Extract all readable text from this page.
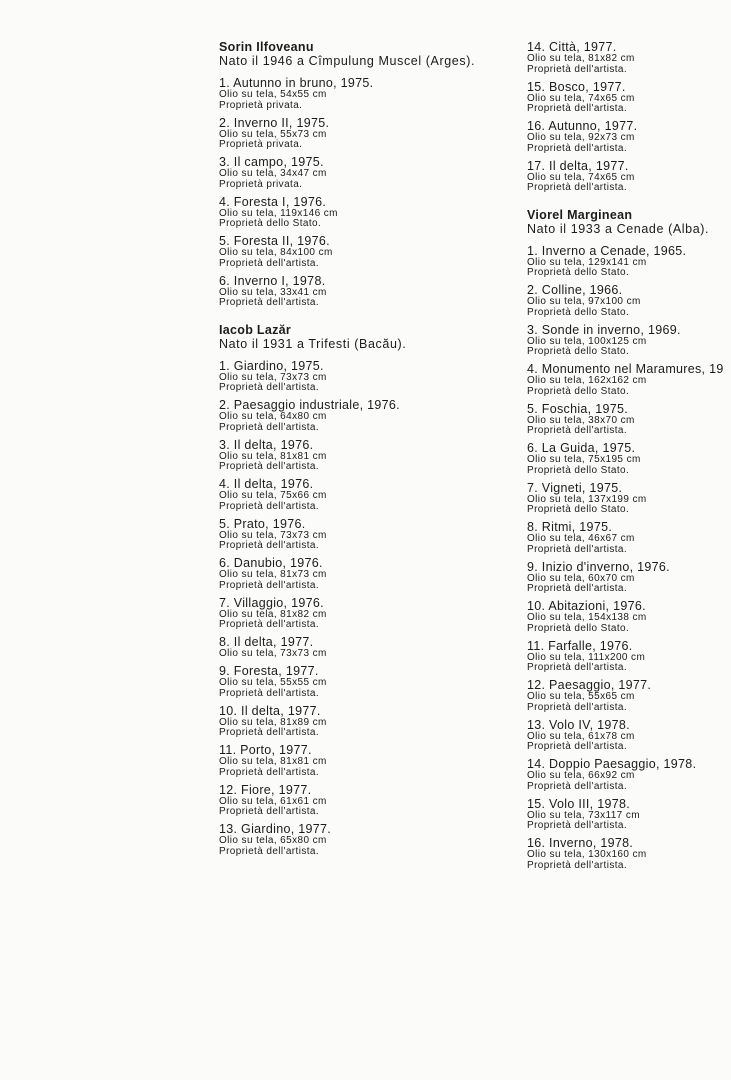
Sorin Ilfoveanu
Nato il 1946 a Cîmpulung Muscel (Arges).
1. Autunno in bruno, 1975.
Olio su tela, 54x55 cm
Proprietà privata.
2. Inverno II, 1975.
Olio su tela, 55x73 cm
Proprietà privata.
3. Il campo, 1975.
Olio su tela, 34x47 cm
Proprietà privata.
4. Foresta I, 1976.
Olio su tela, 119x146 cm
Proprietà dello Stato.
5. Foresta II, 1976.
Olio su tela, 84x100 cm
Proprietà dell'artista.
6. Inverno I, 1978.
Olio su tela, 33x41 cm
Proprietà dell'artista.
Iacob Lazăr
Nato il 1931 a Trifesti (Bacău).
1. Giardino, 1975.
Olio su tela, 73x73 cm
Proprietà dell'artista.
2. Paesaggio industriale, 1976.
Olio su tela, 64x80 cm
Proprietà dell'artista.
3. Il delta, 1976.
Olio su tela, 81x81 cm
Proprietà dell'artista.
4. Il delta, 1976.
Olio su tela, 75x66 cm
Proprietà dell'artista.
5. Prato, 1976.
Olio su tela, 73x73 cm
Proprietà dell'artista.
6. Danubio, 1976.
Olio su tela, 81x73 cm
Proprietà dell'artista.
7. Villaggio, 1976.
Olio su tela, 81x82 cm
Proprietà dell'artista.
8. Il delta, 1977.
Olio su tela, 73x73 cm
9. Foresta, 1977.
Olio su tela, 55x55 cm
Proprietà dell'artista.
10. Il delta, 1977.
Olio su tela, 81x89 cm
Proprietà dell'artista.
11. Porto, 1977.
Olio su tela, 81x81 cm
Proprietà dell'artista.
12. Fiore, 1977.
Olio su tela, 61x61 cm
Proprietà dell'artista.
13. Giardino, 1977.
Olio su tela, 65x80 cm
Proprietà dell'artista.
14. Città, 1977.
Olio su tela, 81x82 cm
Proprietà dell'artista.
15. Bosco, 1977.
Olio su tela, 74x65 cm
Proprietà dell'artista.
16. Autunno, 1977.
Olio su tela, 92x73 cm
Proprietà dell'artista.
17. Il delta, 1977.
Olio su tela, 74x65 cm
Proprietà dell'artista.
Viorel Marginean
Nato il 1933 a Cenade (Alba).
1. Inverno a Cenade, 1965.
Olio su tela, 129x141 cm
Proprietà dello Stato.
2. Colline, 1966.
Olio su tela, 97x100 cm
Proprietà dello Stato.
3. Sonde in inverno, 1969.
Olio su tela, 100x125 cm
Proprietà dello Stato.
4. Monumento nel Maramures, 19
Olio su tela, 162x162 cm
Proprietà dello Stato.
5. Foschia, 1975.
Olio su tela, 38x70 cm
Proprietà dell'artista.
6. La Guida, 1975.
Olio su tela, 75x195 cm
Proprietà dello Stato.
7. Vigneti, 1975.
Olio su tela, 137x199 cm
Proprietà dello Stato.
8. Ritmi, 1975.
Olio su tela, 46x67 cm
Proprietà dell'artista.
9. Inizio d'inverno, 1976.
Olio su tela, 60x70 cm
Proprietà dell'artista.
10. Abitazioni, 1976.
Olio su tela, 154x138 cm
Proprietà dello Stato.
11. Farfalle, 1976.
Olio su tela, 111x200 cm
Proprietà dell'artista.
12. Paesaggio, 1977.
Olio su tela, 55x65 cm
Proprietà dell'artista.
13. Volo IV, 1978.
Olio su tela, 61x78 cm
Proprietà dell'artista.
14. Doppio Paesaggio, 1978.
Olio su tela, 66x92 cm
Proprietà dell'artista.
15. Volo III, 1978.
Olio su tela, 73x117 cm
Proprietà dell'artista.
16. Inverno, 1978.
Olio su tela, 130x160 cm
Proprietà dell'artista.
